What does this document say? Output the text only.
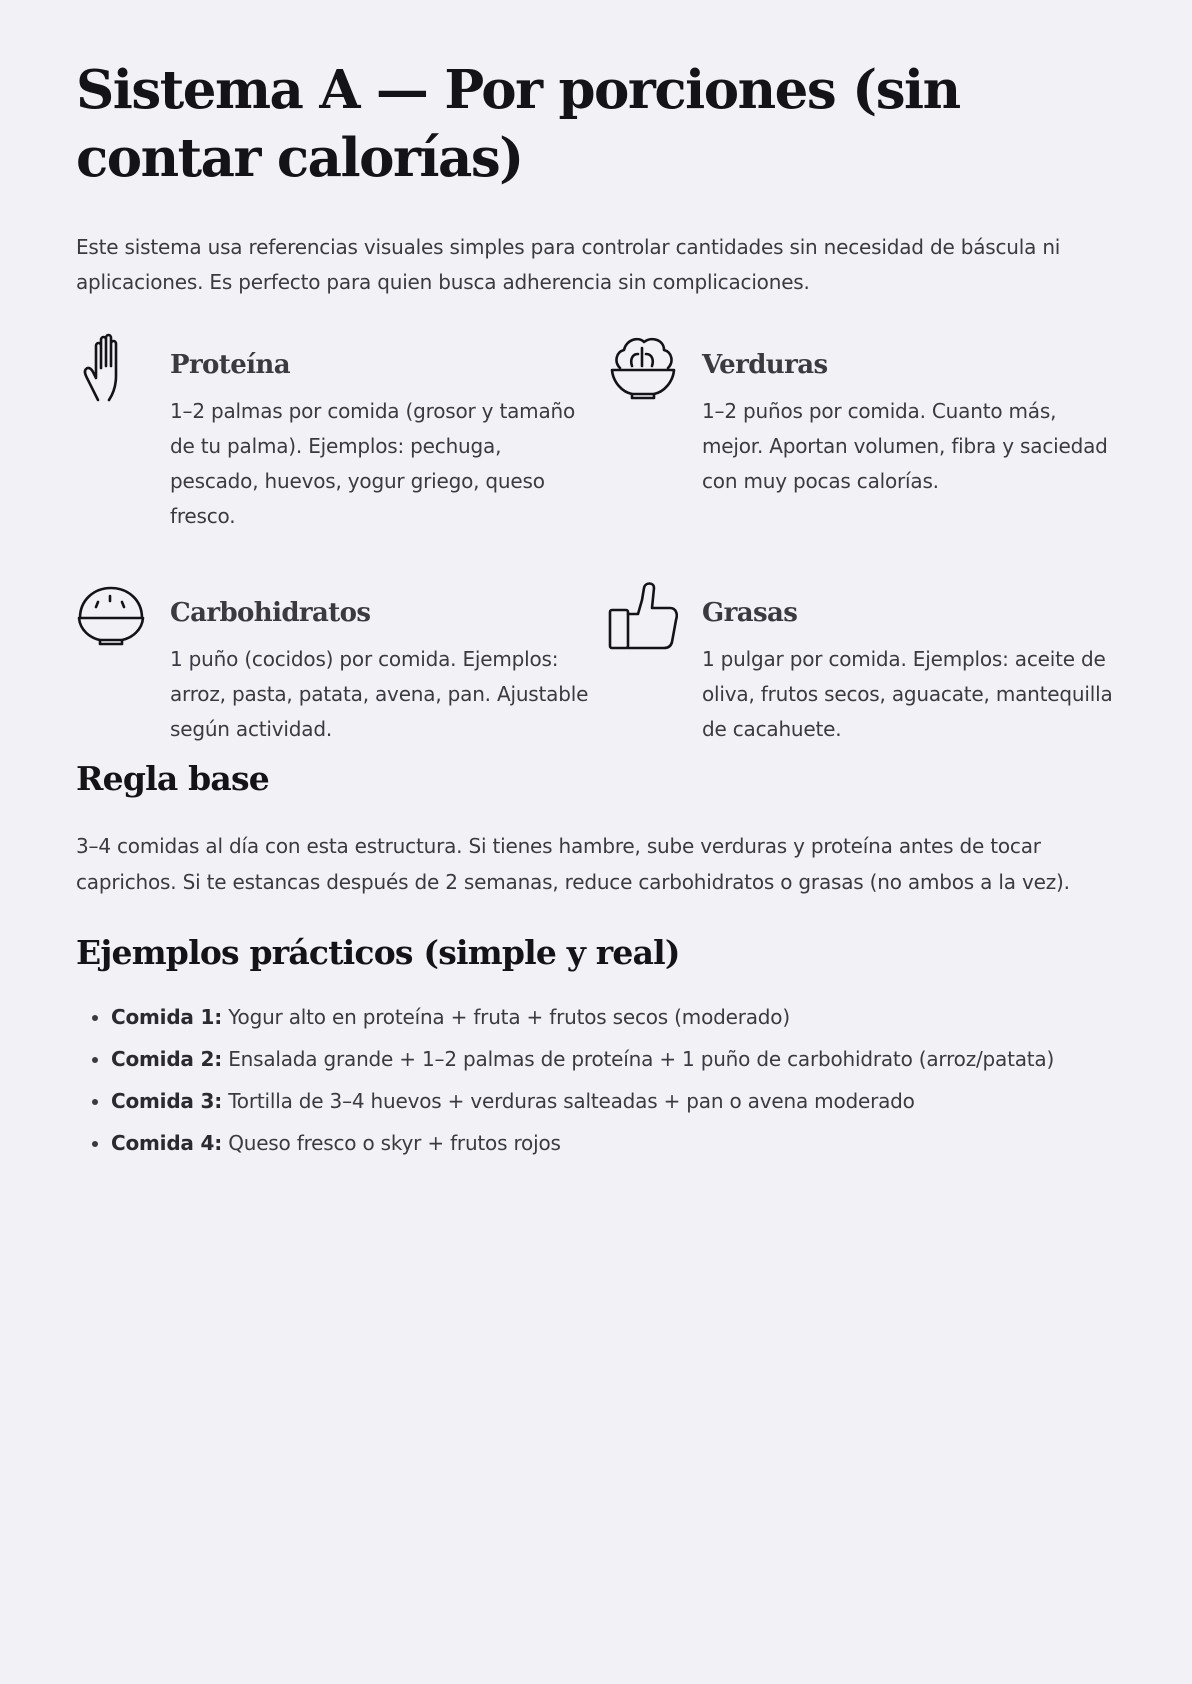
Sistema A — Por porciones (sin contar calorías)

Este sistema usa referencias visuales simples para controlar cantidades sin necesidad de báscula ni aplicaciones. Es perfecto para quien busca adherencia sin complicaciones.

Proteína

1–2 palmas por comida (grosor y tamaño de tu palma). Ejemplos: pechuga, pescado, huevos, yogur griego, queso fresco.

Verduras

1–2 puños por comida. Cuanto más, mejor. Aportan volumen, fibra y saciedad con muy pocas calorías.

Carbohidratos

1 puño (cocidos) por comida. Ejemplos: arroz, pasta, patata, avena, pan. Ajustable según actividad.

Grasas

1 pulgar por comida. Ejemplos: aceite de oliva, frutos secos, aguacate, mantequilla de cacahuete.

Regla base

3–4 comidas al día con esta estructura. Si tienes hambre, sube verduras y proteína antes de tocar caprichos. Si te estancas después de 2 semanas, reduce carbohidratos o grasas (no ambos a la vez).

Ejemplos prácticos (simple y real)
• Comida 1: Yogur alto en proteína + fruta + frutos secos (moderado)
• Comida 2: Ensalada grande + 1–2 palmas de proteína + 1 puño de carbohidrato (arroz/patata)
• Comida 3: Tortilla de 3–4 huevos + verduras salteadas + pan o avena moderado
• Comida 4: Queso fresco o skyr + frutos rojos
